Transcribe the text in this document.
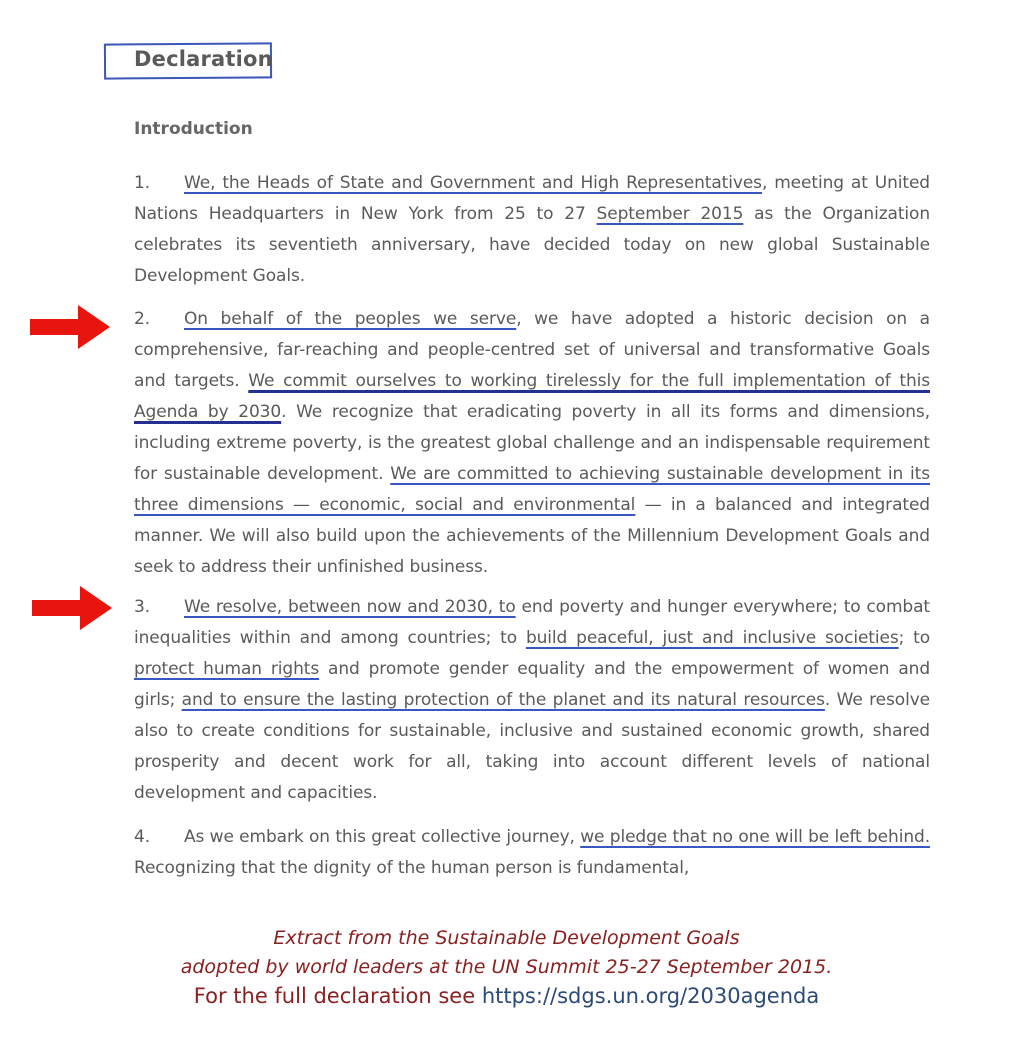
Declaration
Introduction

1. We, the Heads of State and Government and High Representatives, meeting at United Nations Headquarters in New York from 25 to 27 September 2015 as the Organization celebrates its seventieth anniversary, have decided today on new global Sustainable Development Goals.

2. On behalf of the peoples we serve, we have adopted a historic decision on a comprehensive, far-reaching and people-centred set of universal and transformative Goals and targets. We commit ourselves to working tirelessly for the full implementation of this Agenda by 2030. We recognize that eradicating poverty in all its forms and dimensions, including extreme poverty, is the greatest global challenge and an indispensable requirement for sustainable development. We are committed to achieving sustainable development in its three dimensions — economic, social and environmental — in a balanced and integrated manner. We will also build upon the achievements of the Millennium Development Goals and seek to address their unfinished business.

3. We resolve, between now and 2030, to end poverty and hunger everywhere; to combat inequalities within and among countries; to build peaceful, just and inclusive societies; to protect human rights and promote gender equality and the empowerment of women and girls; and to ensure the lasting protection of the planet and its natural resources. We resolve also to create conditions for sustainable, inclusive and sustained economic growth, shared prosperity and decent work for all, taking into account different levels of national development and capacities.

4. As we embark on this great collective journey, we pledge that no one will be left behind. Recognizing that the dignity of the human person is fundamental,

Extract from the Sustainable Development Goals
adopted by world leaders at the UN Summit 25-27 September 2015.
For the full declaration see https://sdgs.un.org/2030agenda
